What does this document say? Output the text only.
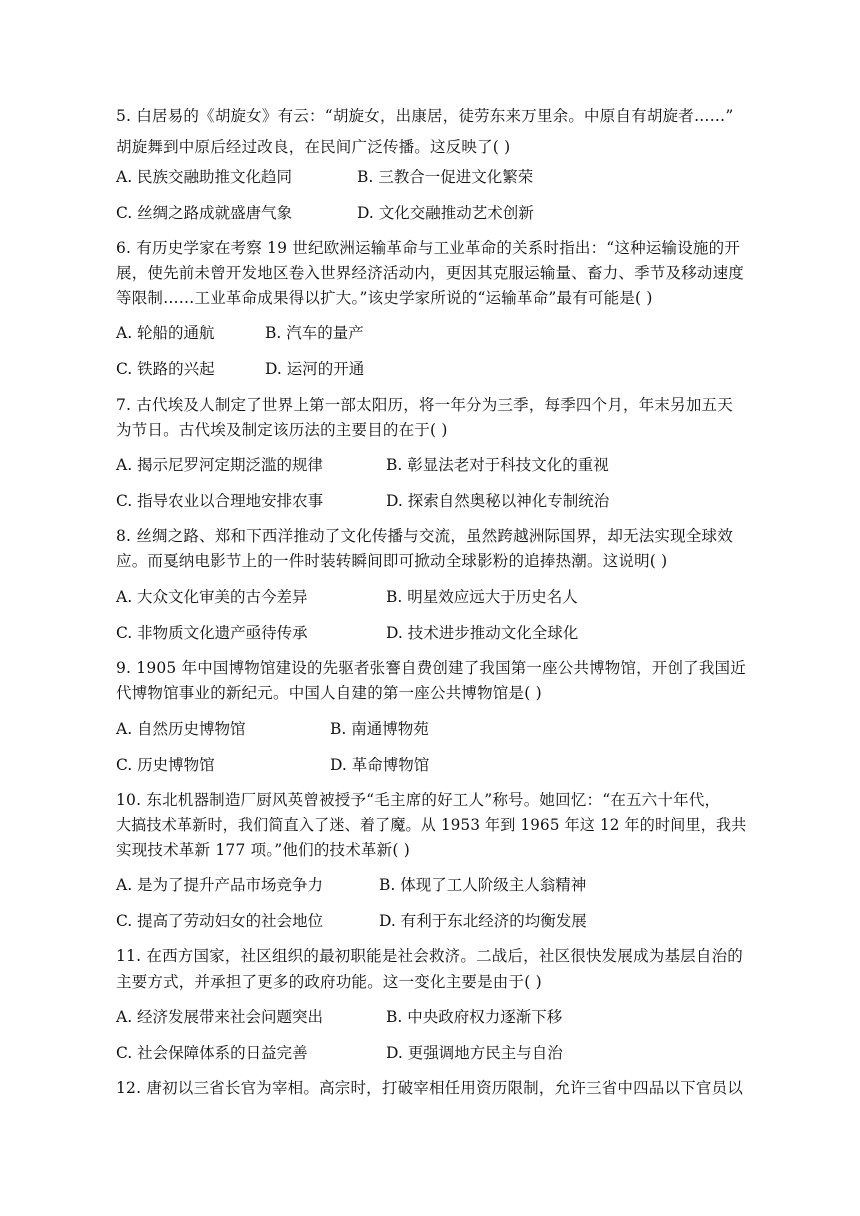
5. 白居易的《胡旋女》有云：“胡旋女，出康居，徒劳东来万里余。中原自有胡旋者……”
胡旋舞到中原后经过改良，在民间广泛传播。这反映了( )
A. 民族交融助推文化趋同	B. 三教合一促进文化繁荣
C. 丝绸之路成就盛唐气象	D. 文化交融推动艺术创新
6. 有历史学家在考察 19 世纪欧洲运输革命与工业革命的关系时指出：“这种运输设施的开
展，使先前未曾开发地区卷入世界经济活动内，更因其克服运输量、畜力、季节及移动速度
等限制……工业革命成果得以扩大。”该史学家所说的“运输革命”最有可能是( )
A. 轮船的通航	B. 汽车的量产
C. 铁路的兴起	D. 运河的开通
7. 古代埃及人制定了世界上第一部太阳历，将一年分为三季，每季四个月，年末另加五天
为节日。古代埃及制定该历法的主要目的在于( )
A. 揭示尼罗河定期泛滥的规律	B. 彰显法老对于科技文化的重视
C. 指导农业以合理地安排农事	D. 探索自然奥秘以神化专制统治
8. 丝绸之路、郑和下西洋推动了文化传播与交流，虽然跨越洲际国界，却无法实现全球效
应。而戛纳电影节上的一件时装转瞬间即可掀动全球影粉的追捧热潮。这说明( )
A. 大众文化审美的古今差异	B. 明星效应远大于历史名人
C. 非物质文化遗产亟待传承	D. 技术进步推动文化全球化
9. 1905 年中国博物馆建设的先驱者张謇自费创建了我国第一座公共博物馆，开创了我国近
代博物馆事业的新纪元。中国人自建的第一座公共博物馆是( )
A. 自然历史博物馆	B. 南通博物苑
C. 历史博物馆	D. 革命博物馆
10. 东北机器制造厂厨风英曾被授予“毛主席的好工人”称号。她回忆：“在五六十年代，
大搞技术革新时，我们简直入了迷、着了魔。从 1953 年到 1965 年这 12 年的时间里，我共
实现技术革新 177 项。”他们的技术革新( )
A. 是为了提升产品市场竞争力	B. 体现了工人阶级主人翁精神
C. 提高了劳动妇女的社会地位	D. 有利于东北经济的均衡发展
11. 在西方国家，社区组织的最初职能是社会救济。二战后，社区很快发展成为基层自治的
主要方式，并承担了更多的政府功能。这一变化主要是由于( )
A. 经济发展带来社会问题突出	B. 中央政府权力逐渐下移
C. 社会保障体系的日益完善	D. 更强调地方民主与自治
12. 唐初以三省长官为宰相。高宗时，打破宰相任用资历限制，允许三省中四品以下官员以
